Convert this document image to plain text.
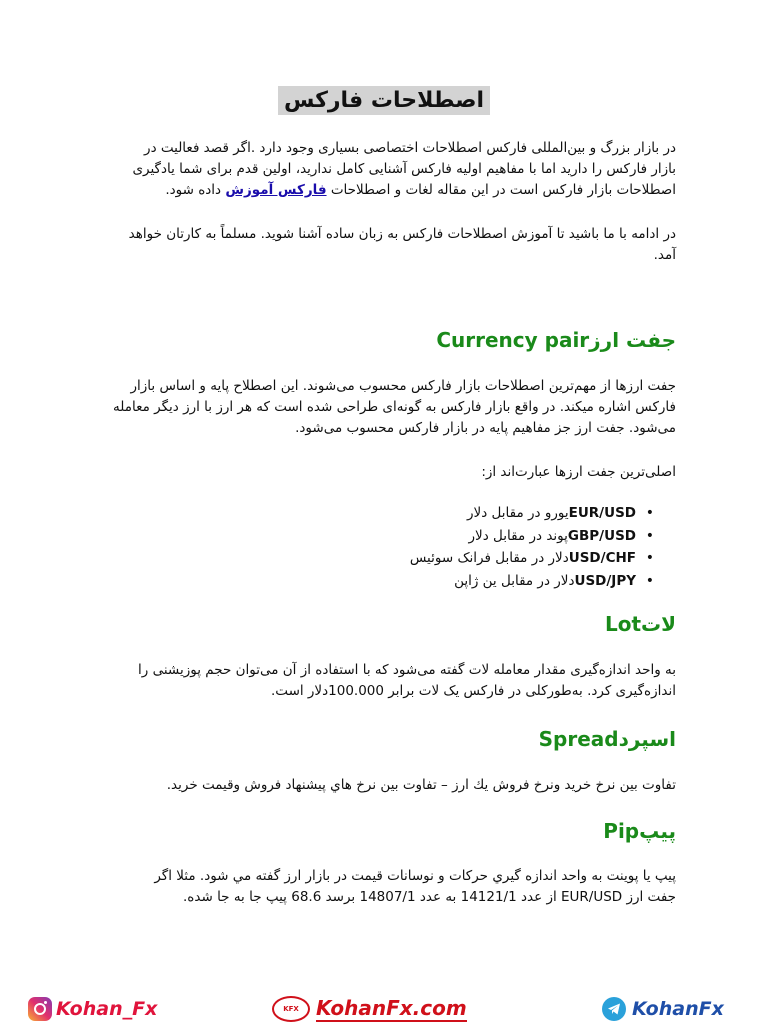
اصطلاحات فارکس
در بازار بزرگ و بین‌المللی فارکس اصطلاحات اختصاصی بسیاری وجود دارد .اگر قصد فعالیت در
بازار فارکس را دارید اما با مفاهیم اولیه فارکس آشنایی کامل ندارید، اولین قدم برای شما یادگیری
اصطلاحات بازار فارکس است در این مقاله لغات و اصطلاحات فارکس آموزش داده شود.
در ادامه با ما باشید تا آموزش اصطلاحات فارکس به زبان ساده آشنا شوید. مسلماً به کارتان خواهد
آمد.
جفت ارزCurrency pair
جفت ارزها از مهم‌ترین اصطلاحات بازار فارکس محسوب می‌شوند. این اصطلاح پایه و اساس بازار
فارکس اشاره میکند. در واقع بازار فارکس به گونه‌ای طراحی شده است که هر ارز با ارز دیگر معامله
می‌شود. جفت ارز جز مفاهیم پایه در بازار فارکس محسوب می‌شود.
اصلی‌ترین جفت ارزها عبارت‌اند از:
•
EUR/USDیورو در مقابل دلار
•
GBP/USDپوند در مقابل دلار
•
USD/CHFدلار در مقابل فرانک سوئیس
•
USD/JPYدلار در مقابل ین ژاپن
لاتLot
به واحد اندازه‌گیری مقدار معامله لات گفته می‌شود که با استفاده از آن می‌توان حجم پوزیشنی را
اندازه‌گیری کرد. به‌طورکلی در فارکس یک لات برابر 100.000دلار است.
اسپردSpread
تفاوت بين نرخ خريد ونرخ فروش يك ارز – تفاوت بين نرخ هاي پيشنهاد فروش وقيمت خريد.
پیپPip
پيپ يا پوينت به واحد اندازه گيري حركات و نوسانات قيمت در بازار ارز گفته مي شود. مثلا اگر
جفت ارز EUR/USD از عدد 14121/1 به عدد 14807/1 برسد 68.6 پيپ جا به جا شده.
Kohan_Fx	KFX KohanFx.com	KohanFx
